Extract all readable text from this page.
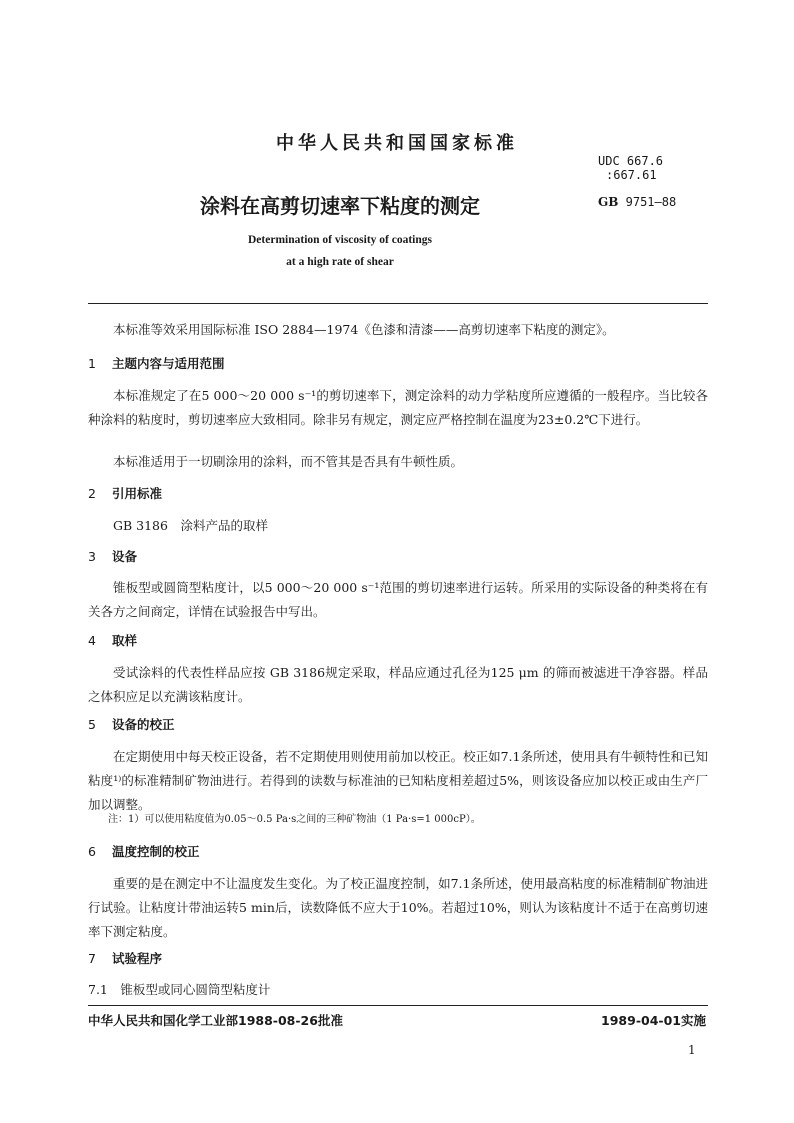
中华人民共和国国家标准
UDC 667.6
:667.61
涂料在高剪切速率下粘度的测定	GB 9751—88
Determination of viscosity of coatings
at a high rate of shear
本标准等效采用国际标准 ISO 2884—1974《色漆和清漆——高剪切速率下粘度的测定》。
1 主题内容与适用范围
本标准规定了在5 000～20 000 s⁻¹的剪切速率下，测定涂料的动力学粘度所应遵循的一般程序。当比较各种涂料的粘度时，剪切速率应大致相同。除非另有规定，测定应严格控制在温度为23±0.2℃下进行。
本标准适用于一切刷涂用的涂料，而不管其是否具有牛顿性质。
2 引用标准
GB 3186　涂料产品的取样
3 设备
锥板型或圆筒型粘度计，以5 000～20 000 s⁻¹范围的剪切速率进行运转。所采用的实际设备的种类将在有关各方之间商定，详情在试验报告中写出。
4 取样
受试涂料的代表性样品应按 GB 3186规定采取，样品应通过孔径为125 μm 的筛而被滤进干净容器。样品之体积应足以充满该粘度计。
5 设备的校正
在定期使用中每天校正设备，若不定期使用则使用前加以校正。校正如7.1条所述，使用具有牛顿特性和已知粘度¹⁾的标准精制矿物油进行。若得到的读数与标准油的已知粘度相差超过5%，则该设备应加以校正或由生产厂加以调整。
注：1）可以使用粘度值为0.05～0.5 Pa·s之间的三种矿物油（1 Pa·s=1 000cP）。
6 温度控制的校正
重要的是在测定中不让温度发生变化。为了校正温度控制，如7.1条所述，使用最高粘度的标准精制矿物油进行试验。让粘度计带油运转5 min后，读数降低不应大于10%。若超过10%，则认为该粘度计不适于在高剪切速率下测定粘度。
7 试验程序
7.1　锥板型或同心圆筒型粘度计
中华人民共和国化学工业部1988-08-26批准	1989-04-01实施
1
